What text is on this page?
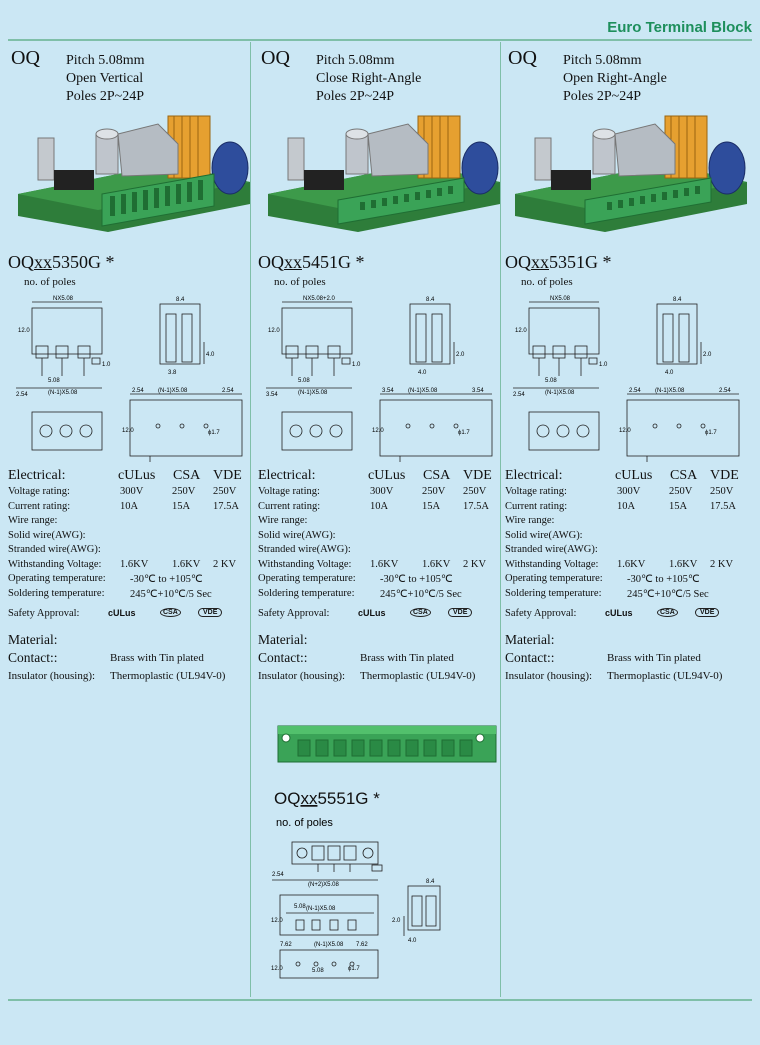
Euro Terminal Block
OQ Pitch 5.08mm
Open Vertical
Poles 2P~24P
OQxx5350G *
no. of poles
NX5.08
12.0
5.08
(N-1)X5.08
2.54
1.0
8.4
4.0
3.8
(N-1)X5.08
2.54	2.54
12.0	ϕ1.7
Electrical:	cULus CSA VDE
Voltage rating:	300V	250V 250V
Current rating:	10A	15A 17.5A
Wire range:
Solid wire(AWG):
Stranded wire(AWG):
Withstanding Voltage: 1.6KV 1.6KV 2 KV
Operating temperature: -30℃ to +105℃
Soldering temperature: 245℃+10℃/5 Sec
Safety Approval:	cULus	CSA	VDE
Material:
Contact::	Brass with Tin plated
Insulator (housing): Thermoplastic (UL94V-0)
OQ Pitch 5.08mm
Close Right-Angle
Poles 2P~24P
OQxx5451G *
no. of poles
NX5.08+2.0
12.0
5.08
(N-1)X5.08
3.54
1.0
8.4
2.0
4.0
(N-1)X5.08
3.54	3.54
12.0	ϕ1.7
Electrical:	cULus CSA VDE
Voltage rating:	300V	250V 250V
Current rating:	10A	15A 17.5A
Wire range:
Solid wire(AWG):
Stranded wire(AWG):
Withstanding Voltage: 1.6KV 1.6KV 2 KV
Operating temperature: -30℃ to +105℃
Soldering temperature: 245℃+10℃/5 Sec
Safety Approval:	cULus	CSA	VDE
Material:
Contact::	Brass with Tin plated
Insulator (housing): Thermoplastic (UL94V-0)
OQ Pitch 5.08mm
Open Right-Angle
Poles 2P~24P
OQxx5351G *
no. of poles
NX5.08
12.0
5.08
(N-1)X5.08
2.54
1.0
8.4
2.0
4.0
(N-1)X5.08
2.54	2.54
12.0	ϕ1.7
Electrical:	cULus CSA VDE
Voltage rating:	300V	250V 250V
Current rating:	10A	15A 17.5A
Wire range:
Solid wire(AWG):
Stranded wire(AWG):
Withstanding Voltage: 1.6KV 1.6KV 2 KV
Operating temperature: -30℃ to +105℃
Soldering temperature: 245℃+10℃/5 Sec
Safety Approval:	cULus	CSA	VDE
Material:
Contact::	Brass with Tin plated
Insulator (housing): Thermoplastic (UL94V-0)
OQxx5551G *
no. of poles
2.54
(N+2)X5.08
(N-1)X5.08
5.08
12.0
8.4
4.0
2.0
7.62	(N-1)X5.08 7.62
5.08	ϕ1.7
12.0
